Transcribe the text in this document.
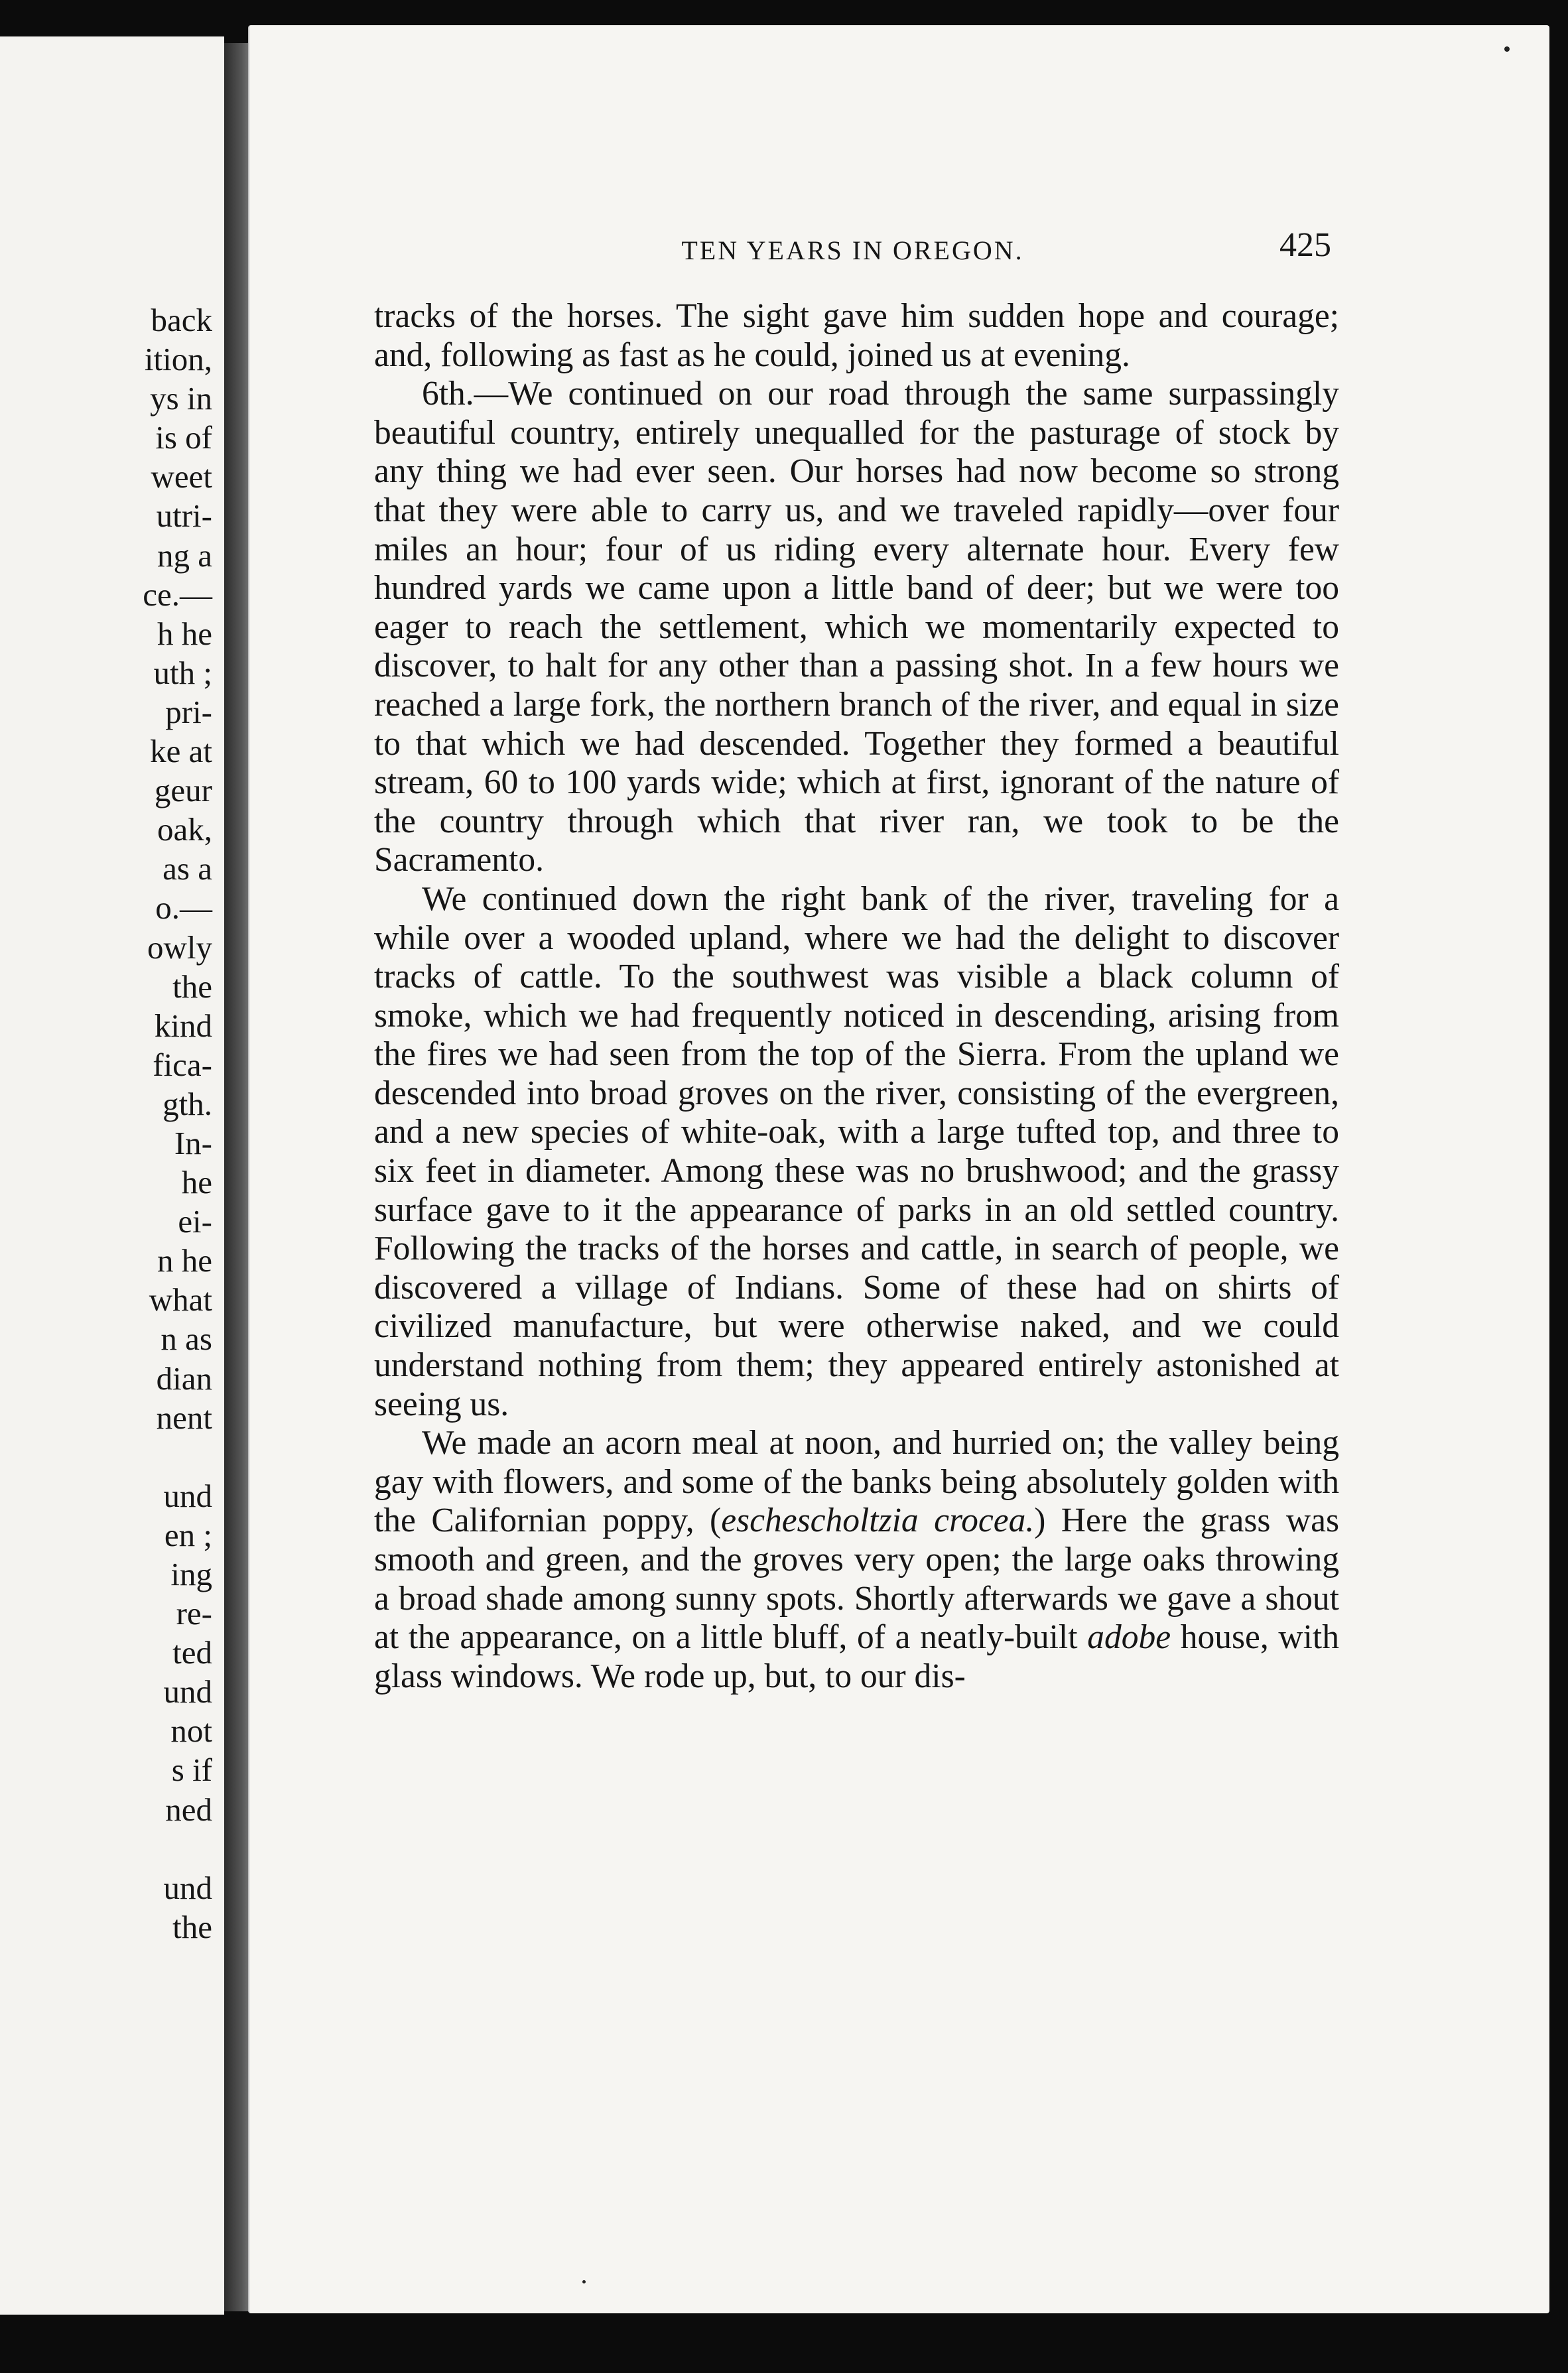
back
ition,
ys in
is of
weet
utri-
ng a
ce.—
h he
uth ;
pri-
ke at
geur
oak,
as a
o.—
owly
the
kind
fica-
gth.
In-
he
ei-
n he
what
n as
dian
nent

und
en ;
ing
re-
ted
und
not
s if
ned

und
the
TEN YEARS IN OREGON.	425

tracks of the horses. The sight gave him sudden hope and courage; and, following as fast as he could, joined us at evening.

6th.—We continued on our road through the same surpassingly beautiful country, entirely unequalled for the pasturage of stock by any thing we had ever seen. Our horses had now become so strong that they were able to carry us, and we traveled rapidly—over four miles an hour; four of us riding every alternate hour. Every few hundred yards we came upon a little band of deer; but we were too eager to reach the settlement, which we momentarily expected to discover, to halt for any other than a passing shot. In a few hours we reached a large fork, the northern branch of the river, and equal in size to that which we had descended. Together they formed a beautiful stream, 60 to 100 yards wide; which at first, ignorant of the nature of the country through which that river ran, we took to be the Sacramento.

We continued down the right bank of the river, traveling for a while over a wooded upland, where we had the delight to discover tracks of cattle. To the southwest was visible a black column of smoke, which we had frequently noticed in descending, arising from the fires we had seen from the top of the Sierra. From the upland we descended into broad groves on the river, consisting of the evergreen, and a new species of white-oak, with a large tufted top, and three to six feet in diameter. Among these was no brushwood; and the grassy surface gave to it the appearance of parks in an old settled country. Following the tracks of the horses and cattle, in search of people, we discovered a village of Indians. Some of these had on shirts of civilized manufacture, but were otherwise naked, and we could understand nothing from them; they appeared entirely astonished at seeing us.

We made an acorn meal at noon, and hurried on; the valley being gay with flowers, and some of the banks being absolutely golden with the Californian poppy, (eschescholtzia crocea.) Here the grass was smooth and green, and the groves very open; the large oaks throwing a broad shade among sunny spots. Shortly afterwards we gave a shout at the appearance, on a little bluff, of a neatly-built adobe house, with glass windows. We rode up, but, to our dis-
